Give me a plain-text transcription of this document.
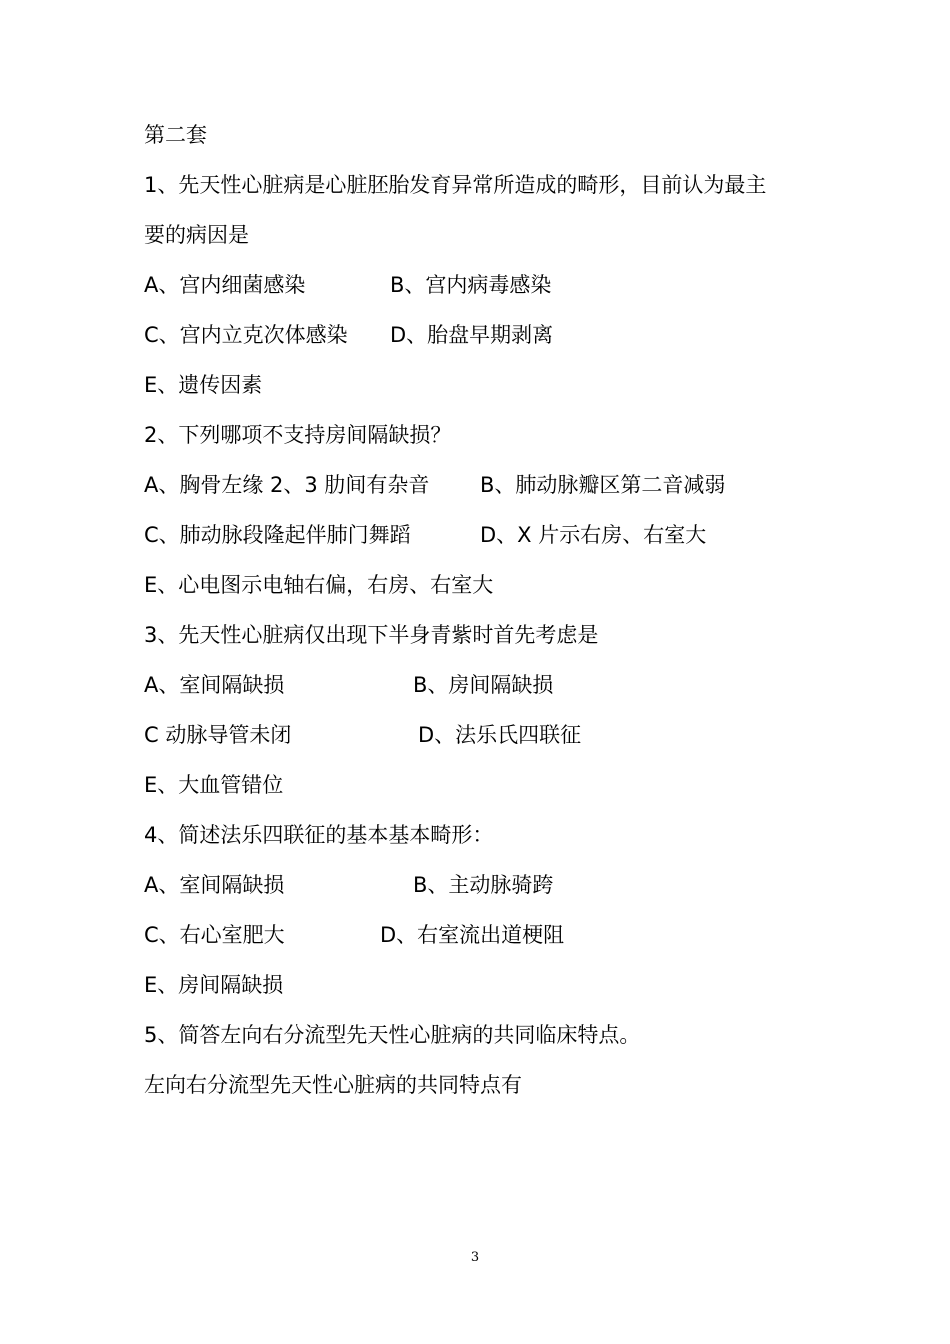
第二套
1、先天性心脏病是心脏胚胎发育异常所造成的畸形，目前认为最主
要的病因是
A、宫内细菌感染	B、宫内病毒感染
C、宫内立克次体感染 D、胎盘早期剥离
E、遗传因素
2、下列哪项不支持房间隔缺损？
A、胸骨左缘 2、3 肋间有杂音 B、肺动脉瓣区第二音减弱
C、肺动脉段隆起伴肺门舞蹈	D、X 片示右房、右室大
E、心电图示电轴右偏，右房、右室大
3、先天性心脏病仅出现下半身青紫时首先考虑是
A、室间隔缺损	B、房间隔缺损
C 动脉导管未闭	D、法乐氏四联征
E、大血管错位
4、简述法乐四联征的基本基本畸形：
A、室间隔缺损	B、主动脉骑跨
C、右心室肥大	D、右室流出道梗阻
E、房间隔缺损
5、简答左向右分流型先天性心脏病的共同临床特点。
左向右分流型先天性心脏病的共同特点有
3
